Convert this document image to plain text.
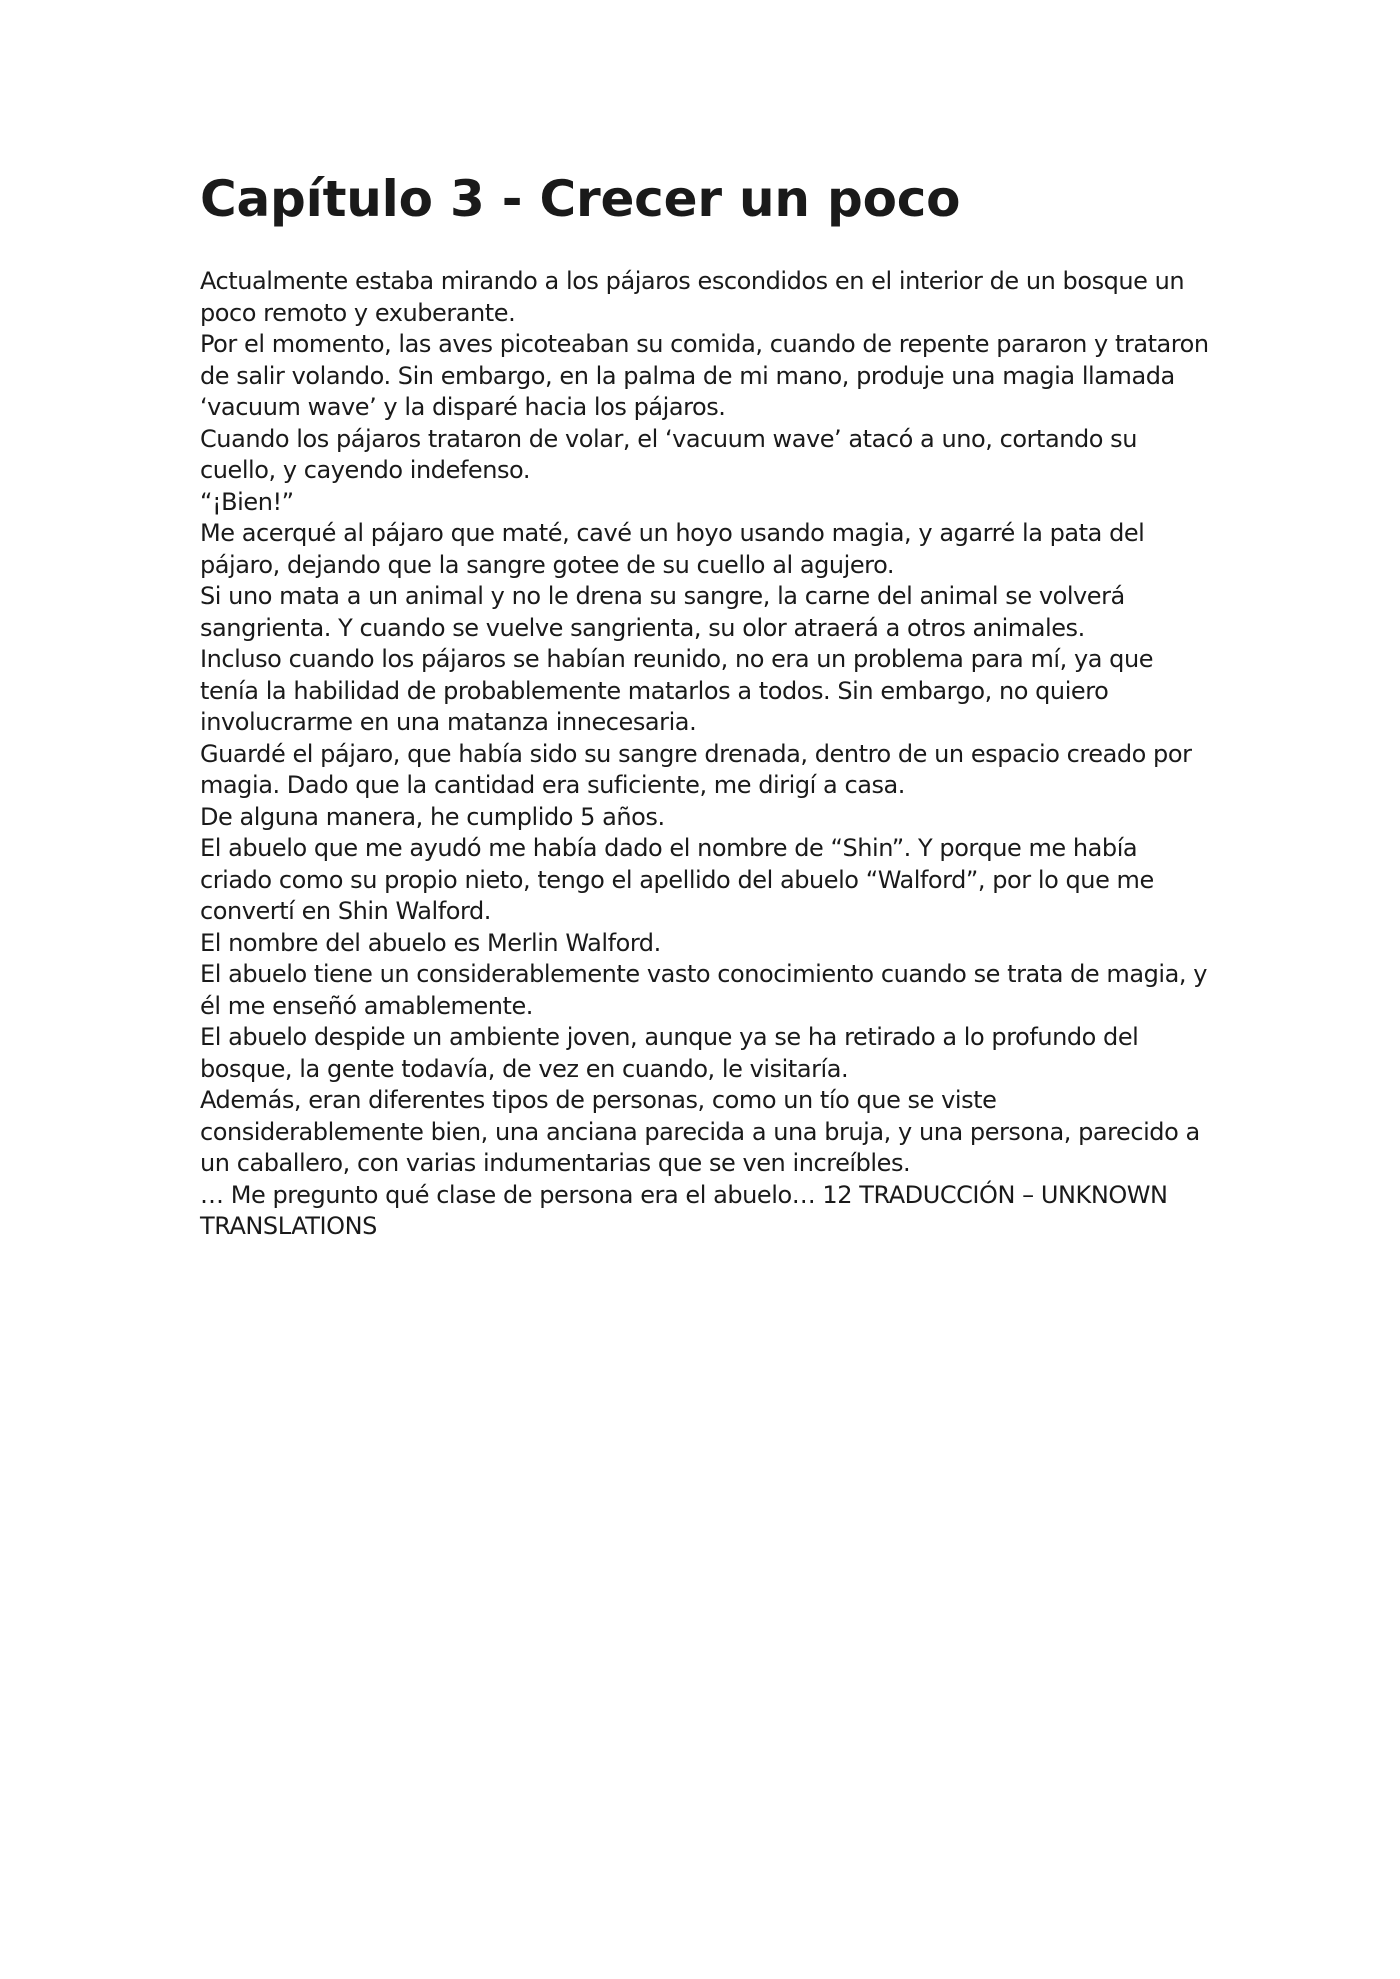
Capítulo 3 - Crecer un poco

Actualmente estaba mirando a los pájaros escondidos en el interior de un bosque un poco remoto y exuberante.

Por el momento, las aves picoteaban su comida, cuando de repente pararon y trataron de salir volando. Sin embargo, en la palma de mi mano, produje una magia llamada ‘vacuum wave’ y la disparé hacia los pájaros.

Cuando los pájaros trataron de volar, el ‘vacuum wave’ atacó a uno, cortando su cuello, y cayendo indefenso.

“¡Bien!”

Me acerqué al pájaro que maté, cavé un hoyo usando magia, y agarré la pata del pájaro, dejando que la sangre gotee de su cuello al agujero.

Si uno mata a un animal y no le drena su sangre, la carne del animal se volverá sangrienta. Y cuando se vuelve sangrienta, su olor atraerá a otros animales.

Incluso cuando los pájaros se habían reunido, no era un problema para mí, ya que tenía la habilidad de probablemente matarlos a todos. Sin embargo, no quiero involucrarme en una matanza innecesaria.

Guardé el pájaro, que había sido su sangre drenada, dentro de un espacio creado por magia. Dado que la cantidad era suficiente, me dirigí a casa.

De alguna manera, he cumplido 5 años.

El abuelo que me ayudó me había dado el nombre de “Shin”. Y porque me había criado como su propio nieto, tengo el apellido del abuelo “Walford”, por lo que me convertí en Shin Walford.

El nombre del abuelo es Merlin Walford.

El abuelo tiene un considerablemente vasto conocimiento cuando se trata de magia, y él me enseñó amablemente.

El abuelo despide un ambiente joven, aunque ya se ha retirado a lo profundo del bosque, la gente todavía, de vez en cuando, le visitaría.

Además, eran diferentes tipos de personas, como un tío que se viste considerablemente bien, una anciana parecida a una bruja, y una persona, parecido a un caballero, con varias indumentarias que se ven increíbles.

… Me pregunto qué clase de persona era el abuelo… 12 TRADUCCIÓN – UNKNOWN TRANSLATIONS
